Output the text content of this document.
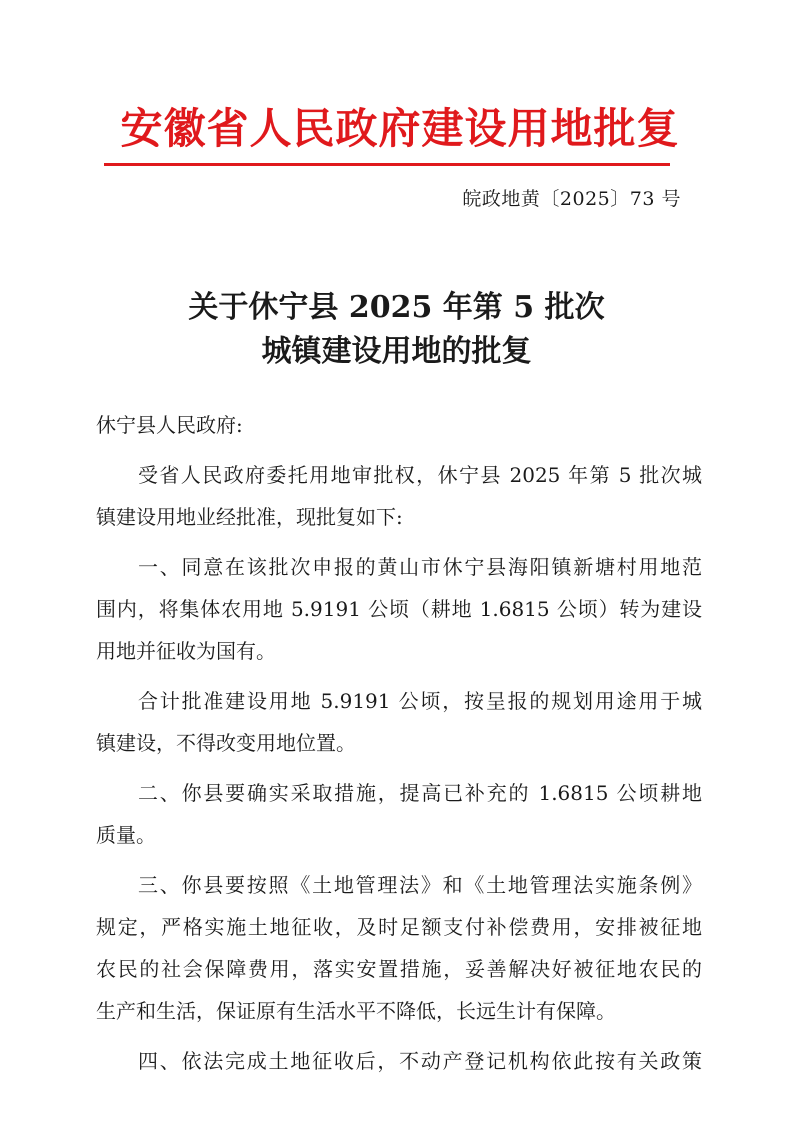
安徽省人民政府建设用地批复
皖政地黄〔2025〕73 号
关于休宁县 2025 年第 5 批次
城镇建设用地的批复
休宁县人民政府:
受省人民政府委托用地审批权，休宁县 2025 年第 5 批次城
镇建设用地业经批准，现批复如下:
一、同意在该批次申报的黄山市休宁县海阳镇新塘村用地范
围内，将集体农用地 5.9191 公顷（耕地 1.6815 公顷）转为建设
用地并征收为国有。
合计批准建设用地 5.9191 公顷，按呈报的规划用途用于城
镇建设，不得改变用地位置。
二、你县要确实采取措施，提高已补充的 1.6815 公顷耕地
质量。
三、你县要按照《土地管理法》和《土地管理法实施条例》
规定，严格实施土地征收，及时足额支付补偿费用，安排被征地
农民的社会保障费用，落实安置措施，妥善解决好被征地农民的
生产和生活，保证原有生活水平不降低，长远生计有保障。
四、依法完成土地征收后，不动产登记机构依此按有关政策
